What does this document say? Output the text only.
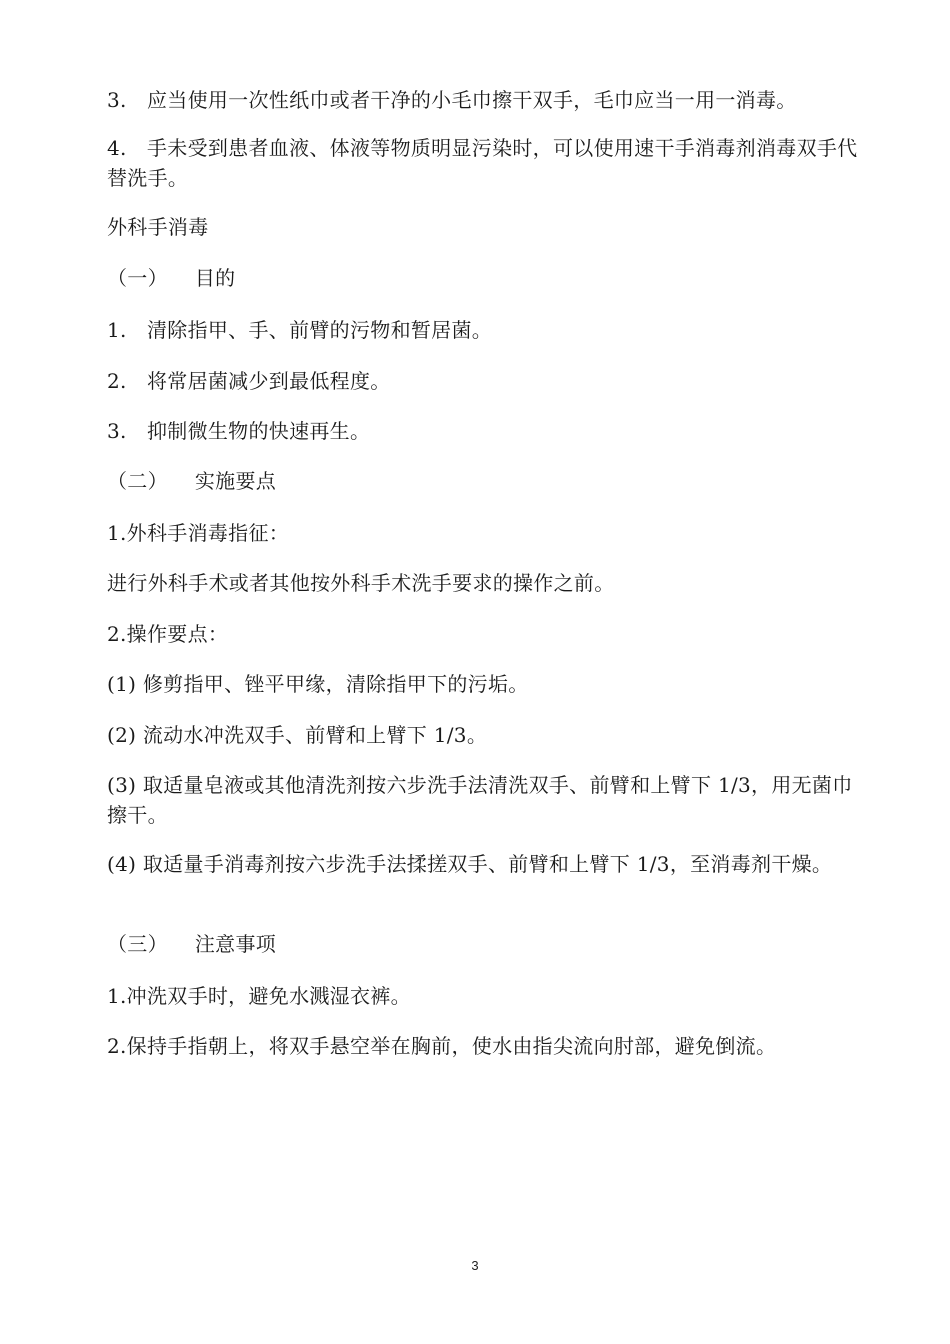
3. 应当使用一次性纸巾或者干净的小毛巾擦干双手，毛巾应当一用一消毒。

4. 手未受到患者血液、体液等物质明显污染时，可以使用速干手消毒剂消毒双手代替洗手。

外科手消毒

（一）  目的

1. 清除指甲、手、前臂的污物和暂居菌。

2. 将常居菌减少到最低程度。

3. 抑制微生物的快速再生。

（二）  实施要点

1.外科手消毒指征：

进行外科手术或者其他按外科手术洗手要求的操作之前。

2.操作要点：

(1) 修剪指甲、锉平甲缘，清除指甲下的污垢。

(2) 流动水冲洗双手、前臂和上臂下 1/3。

(3) 取适量皂液或其他清洗剂按六步洗手法清洗双手、前臂和上臂下 1/3，用无菌巾擦干。

(4) 取适量手消毒剂按六步洗手法揉搓双手、前臂和上臂下 1/3，至消毒剂干燥。

（三）  注意事项

1.冲洗双手时，避免水溅湿衣裤。

2.保持手指朝上，将双手悬空举在胸前，使水由指尖流向肘部，避免倒流。

3
